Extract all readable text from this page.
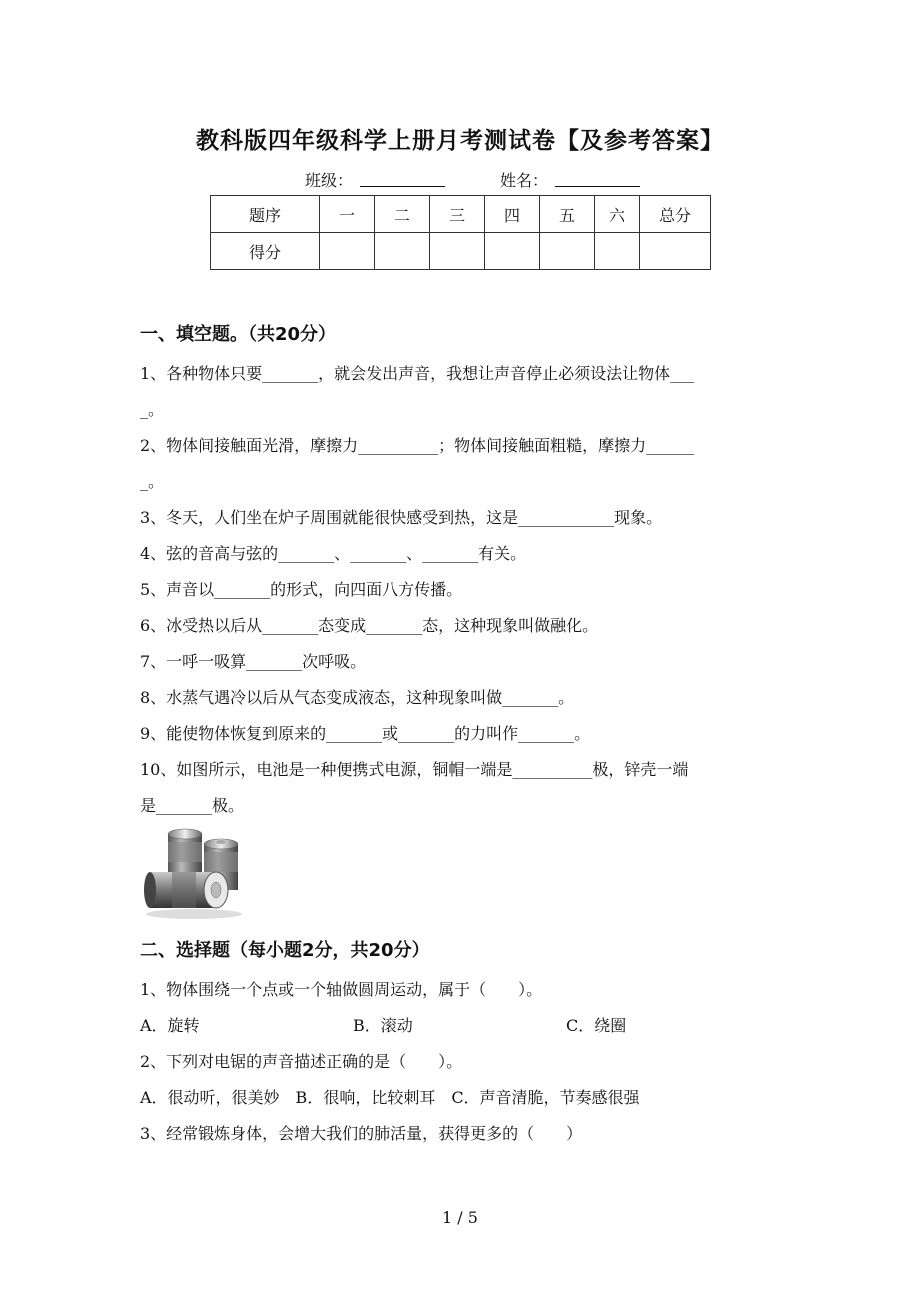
教科版四年级科学上册月考测试卷【及参考答案】
班级：	姓名：
题序	一	二	三	四	五	六	总分
得分							
一、填空题。（共20分）
1、各种物体只要_______，就会发出声音，我想让声音停止必须设法让物体___
_。
2、物体间接触面光滑，摩擦力__________；物体间接触面粗糙，摩擦力______
_。
3、冬天，人们坐在炉子周围就能很快感受到热，这是____________现象。
4、弦的音高与弦的_______、_______、_______有关。
5、声音以_______的形式，向四面八方传播。
6、冰受热以后从_______态变成_______态，这种现象叫做融化。
7、一呼一吸算_______次呼吸。
8、水蒸气遇冷以后从气态变成液态，这种现象叫做_______。
9、能使物体恢复到原来的_______或_______的力叫作_______。
10、如图所示，电池是一种便携式电源，铜帽一端是__________极，锌壳一端
是_______极。
二、选择题（每小题2分，共20分）
1、物体围绕一个点或一个轴做圆周运动，属于（　　）。
A．旋转	B．滚动	C．绕圈
2、下列对电锯的声音描述正确的是（　　）。
A．很动听，很美妙　B．很响，比较刺耳　C．声音清脆，节奏感很强
3、经常锻炼身体，会增大我们的肺活量，获得更多的（　　）
1 / 5
